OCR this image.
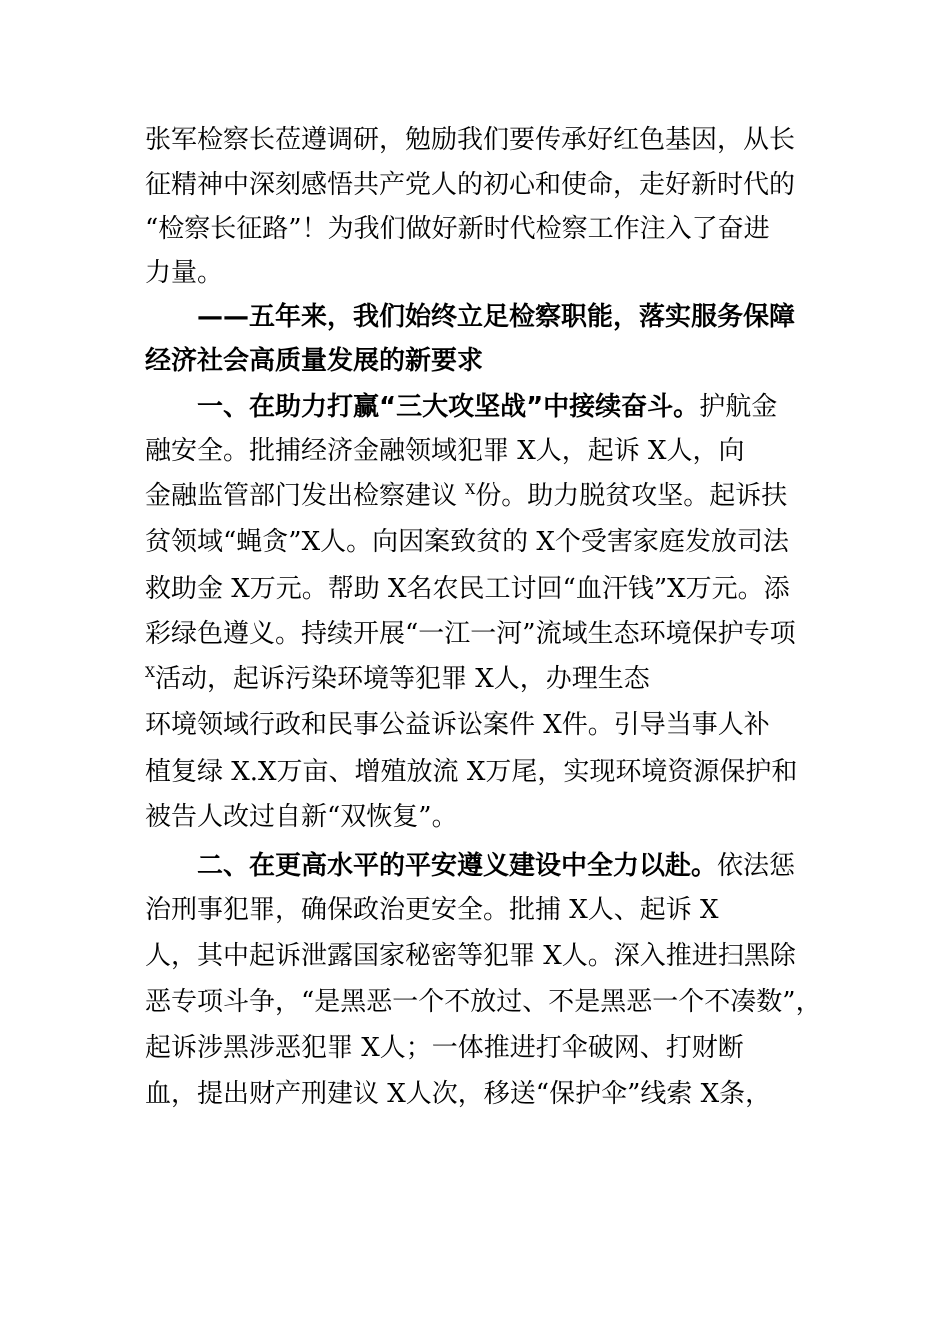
张军检察长莅遵调研，勉励我们要传承好红色基因，从长
征精神中深刻感悟共产党人的初心和使命，走好新时代的
“检察长征路”！为我们做好新时代检察工作注入了奋进
力量。
——五年来，我们始终立足检察职能，落实服务保障
经济社会高质量发展的新要求
一、在助力打赢“三大攻坚战”中接续奋斗。护航金
融安全。批捕经济金融领域犯罪 X人，起诉 X人，向
金融监管部门发出检察建议 $^X$份。助力脱贫攻坚。起诉扶
贫领域“蝇贪”X人。向因案致贫的 X个受害家庭发放司法
救助金 X万元。帮助 X名农民工讨回“血汗钱”X万元。添
彩绿色遵义。持续开展“一江一河”流域生态环境保护专项
$^X$活动，起诉污染环境等犯罪 X人，办理生态
环境领域行政和民事公益诉讼案件 X件。引导当事人补
植复绿 X.X万亩、增殖放流 X万尾，实现环境资源保护和
被告人改过自新“双恢复”。
二、在更高水平的平安遵义建设中全力以赴。依法惩
治刑事犯罪，确保政治更安全。批捕 X人、起诉 X
人，其中起诉泄露国家秘密等犯罪 X人。深入推进扫黑除
恶专项斗争，“是黑恶一个不放过、不是黑恶一个不凑数”，
起诉涉黑涉恶犯罪 X人；一体推进打伞破网、打财断
血，提出财产刑建议 X人次，移送“保护伞”线索 X条，
